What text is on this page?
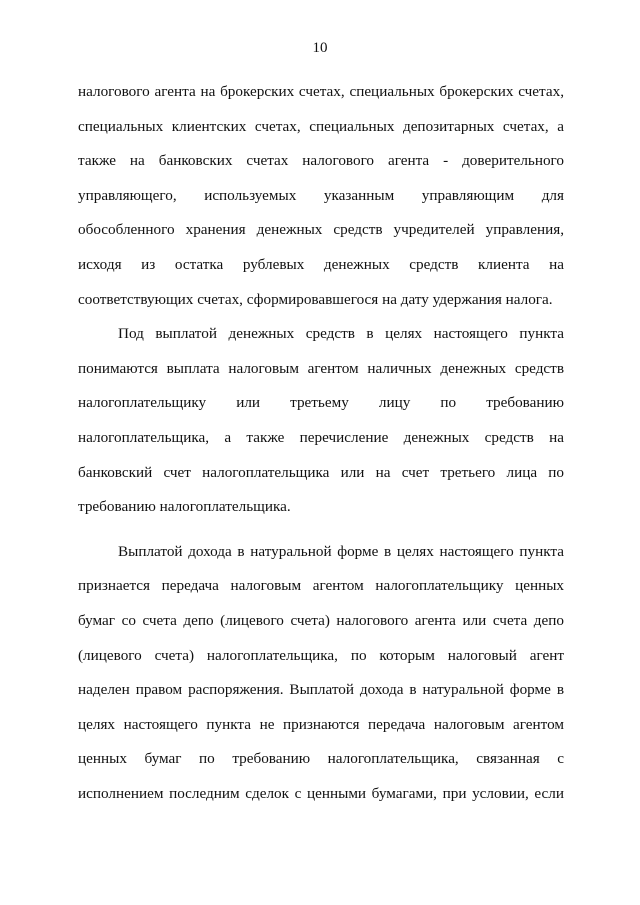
10
налогового агента на брокерских счетах, специальных брокерских счетах,
специальных клиентских счетах, специальных депозитарных счетах, а
также на банковских счетах налогового агента - доверительного
управляющего, используемых указанным управляющим для
обособленного хранения денежных средств учредителей управления,
исходя из остатка рублевых денежных средств клиента на
соответствующих счетах, сформировавшегося на дату удержания налога.
Под выплатой денежных средств в целях настоящего пункта
понимаются выплата налоговым агентом наличных денежных средств
налогоплательщику или третьему лицу по требованию
налогоплательщика, а также перечисление денежных средств на
банковский счет налогоплательщика или на счет третьего лица по
требованию налогоплательщика.
Выплатой дохода в натуральной форме в целях настоящего пункта
признается передача налоговым агентом налогоплательщику ценных
бумаг со счета депо (лицевого счета) налогового агента или счета депо
(лицевого счета) налогоплательщика, по которым налоговый агент
наделен правом распоряжения. Выплатой дохода в натуральной форме в
целях настоящего пункта не признаются передача налоговым агентом
ценных бумаг по требованию налогоплательщика, связанная с
исполнением последним сделок с ценными бумагами, при условии, если
